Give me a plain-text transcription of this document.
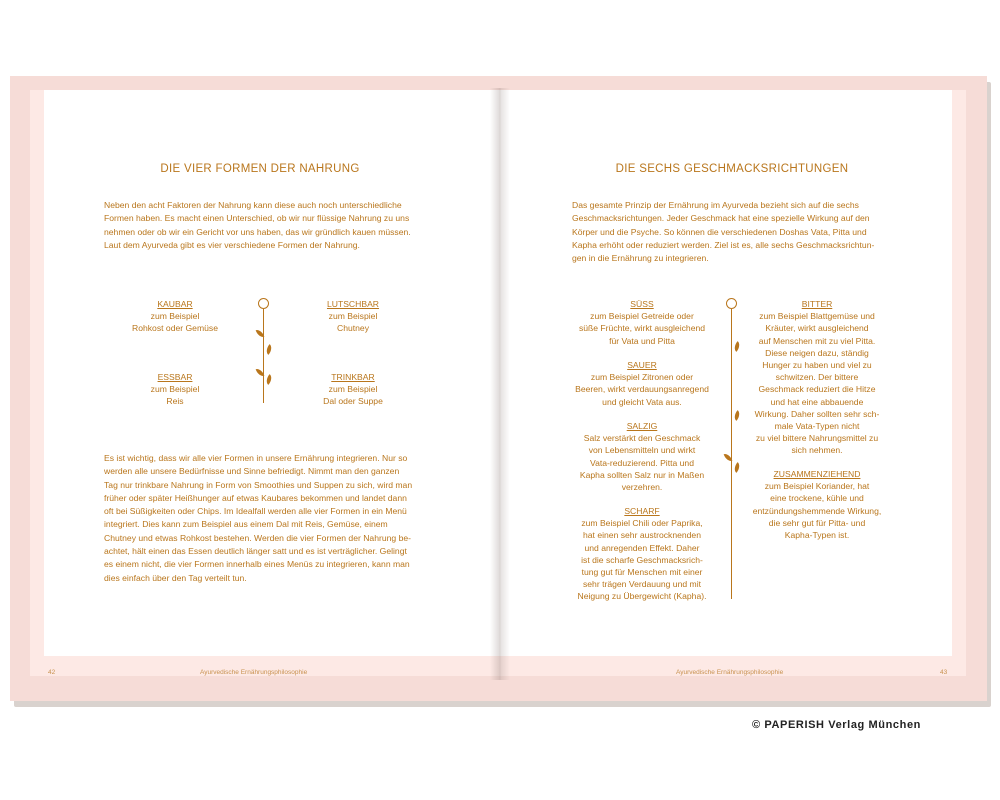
DIE VIER FORMEN DER NAHRUNG
Neben den acht Faktoren der Nahrung kann diese auch noch unterschiedliche
Formen haben. Es macht einen Unterschied, ob wir nur flüssige Nahrung zu uns
nehmen oder ob wir ein Gericht vor uns haben, das wir gründlich kauen müssen.
Laut dem Ayurveda gibt es vier verschiedene Formen der Nahrung.
KAUBAR
zum Beispiel
Rohkost oder Gemüse
LUTSCHBAR
zum Beispiel
Chutney
ESSBAR
zum Beispiel
Reis
TRINKBAR
zum Beispiel
Dal oder Suppe
Es ist wichtig, dass wir alle vier Formen in unsere Ernährung integrieren. Nur so
werden alle unsere Bedürfnisse und Sinne befriedigt. Nimmt man den ganzen
Tag nur trinkbare Nahrung in Form von Smoothies und Suppen zu sich, wird man
früher oder später Heißhunger auf etwas Kaubares bekommen und landet dann
oft bei Süßigkeiten oder Chips. Im Idealfall werden alle vier Formen in ein Menü
integriert. Dies kann zum Beispiel aus einem Dal mit Reis, Gemüse, einem
Chutney und etwas Rohkost bestehen. Werden die vier Formen der Nahrung be-
achtet, hält einen das Essen deutlich länger satt und es ist verträglicher. Gelingt
es einem nicht, die vier Formen innerhalb eines Menüs zu integrieren, kann man
dies einfach über den Tag verteilt tun.
42	Ayurvedische Ernährungsphilosophie
DIE SECHS GESCHMACKSRICHTUNGEN
Das gesamte Prinzip der Ernährung im Ayurveda bezieht sich auf die sechs
Geschmacksrichtungen. Jeder Geschmack hat eine spezielle Wirkung auf den
Körper und die Psyche. So können die verschiedenen Doshas Vata, Pitta und
Kapha erhöht oder reduziert werden. Ziel ist es, alle sechs Geschmacksrichtun-
gen in die Ernährung zu integrieren.
SÜSS
zum Beispiel Getreide oder
süße Früchte, wirkt ausgleichend
für Vata und Pitta
SAUER
zum Beispiel Zitronen oder
Beeren, wirkt verdauungsanregend
und gleicht Vata aus.
SALZIG
Salz verstärkt den Geschmack
von Lebensmitteln und wirkt
Vata-reduzierend. Pitta und
Kapha sollten Salz nur in Maßen
verzehren.
SCHARF
zum Beispiel Chili oder Paprika,
hat einen sehr austrocknenden
und anregenden Effekt. Daher
ist die scharfe Geschmacksrich-
tung gut für Menschen mit einer
sehr trägen Verdauung und mit
Neigung zu Übergewicht (Kapha).
BITTER
zum Beispiel Blattgemüse und
Kräuter, wirkt ausgleichend
auf Menschen mit zu viel Pitta.
Diese neigen dazu, ständig
Hunger zu haben und viel zu
schwitzen. Der bittere
Geschmack reduziert die Hitze
und hat eine abbauende
Wirkung. Daher sollten sehr sch-
male Vata-Typen nicht
zu viel bittere Nahrungsmittel zu
sich nehmen.
ZUSAMMENZIEHEND
zum Beispiel Koriander, hat
eine trockene, kühle und
entzündungshemmende Wirkung,
die sehr gut für Pitta- und
Kapha-Typen ist.
Ayurvedische Ernährungsphilosophie	43
© PAPERISH Verlag München
